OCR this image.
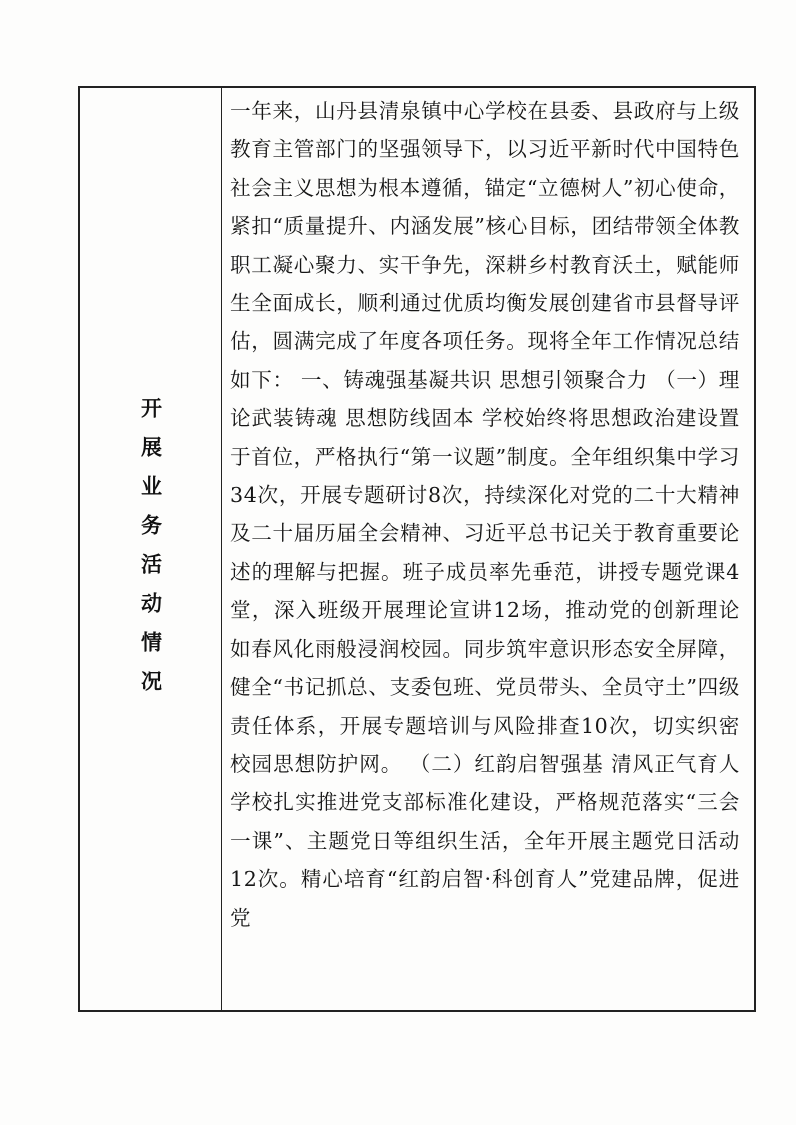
开展业务活动情况

一年来，山丹县清泉镇中心学校在县委、县政府与上级教育主管部门的坚强领导下，以习近平新时代中国特色社会主义思想为根本遵循，锚定“立德树人”初心使命，紧扣“质量提升、内涵发展”核心目标，团结带领全体教职工凝心聚力、实干争先，深耕乡村教育沃土，赋能师生全面成长，顺利通过优质均衡发展创建省市县督导评估，圆满完成了年度各项任务。现将全年工作情况总结如下： 一、铸魂强基凝共识 思想引领聚合力 （一）理论武装铸魂 思想防线固本 学校始终将思想政治建设置于首位，严格执行“第一议题”制度。全年组织集中学习34次，开展专题研讨8次，持续深化对党的二十大精神及二十届历届全会精神、习近平总书记关于教育重要论述的理解与把握。班子成员率先垂范，讲授专题党课4堂，深入班级开展理论宣讲12场，推动党的创新理论如春风化雨般浸润校园。同步筑牢意识形态安全屏障，健全“书记抓总、支委包班、党员带头、全员守土”四级责任体系，开展专题培训与风险排查10次，切实织密校园思想防护网。 （二）红韵启智强基 清风正气育人 学校扎实推进党支部标准化建设，严格规范落实“三会一课”、主题党日等组织生活，全年开展主题党日活动12次。精心培育“红韵启智·科创育人”党建品牌，促进党
